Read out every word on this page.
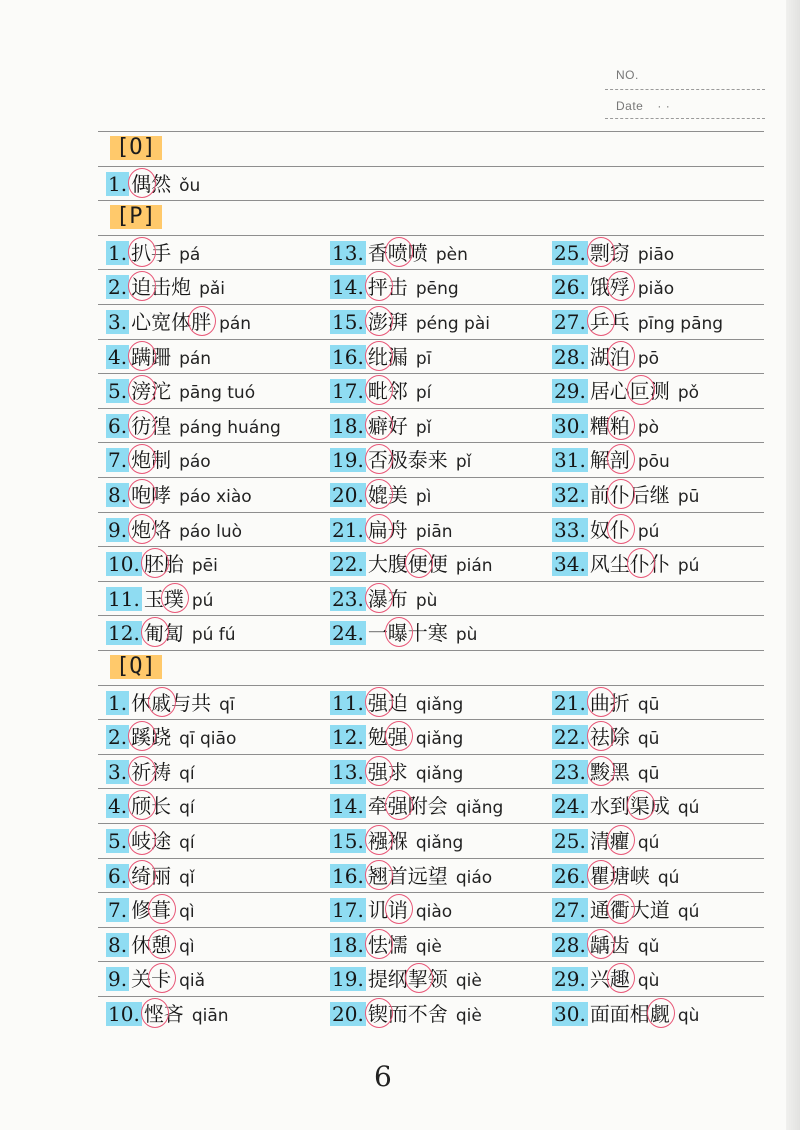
NO.
Date · ·
[O]
1. 偶然 ǒu
[P]
1. 扒手 pá
2. 迫击炮 pǎi
3. 心宽体胖 pán
4. 蹒跚 pán
5. 滂沱 pāng tuó
6. 彷徨 páng huáng
7. 炮制 páo
8. 咆哮 páo xiào
9. 炮烙 páo luò
10. 胚胎 pēi
11. 玉璞 pú
12. 匍匐 pú fú
13. 香喷喷 pèn
14. 抨击 pēng
15. 澎湃 péng pài
16. 纰漏 pī
17. 毗邻 pí
18. 癖好 pǐ
19. 否极泰来 pǐ
20. 媲美 pì
21. 扁舟 piān
22. 大腹便便 pián
23. 瀑布 pù
24. 一曝十寒 pù
25. 剽窃 piāo
26. 饿殍 piǎo
27. 乒乓 pīng pāng
28. 湖泊 pō
29. 居心叵测 pǒ
30. 糟粕 pò
31. 解剖 pōu
32. 前仆后继 pū
33. 奴仆 pú
34. 风尘仆仆 pú
[Q]
1. 休戚与共 qī
2. 蹊跷 qī qiāo
3. 祈祷 qí
4. 颀长 qí
5. 岐途 qí
6. 绮丽 qǐ
7. 修葺 qì
8. 休憩 qì
9. 关卡 qiǎ
10. 悭吝 qiān
11. 强迫 qiǎng
12. 勉强 qiǎng
13. 强求 qiǎng
14. 牵强附会 qiǎng
15. 襁褓 qiǎng
16. 翘首远望 qiáo
17. 讥诮 qiào
18. 怯懦 qiè
19. 提纲挈领 qiè
20. 锲而不舍 qiè
21. 曲折 qū
22. 祛除 qū
23. 黢黑 qū
24. 水到渠成 qú
25. 清癯 qú
26. 瞿塘峡 qú
27. 通衢大道 qú
28. 龋齿 qǔ
29. 兴趣 qù
30. 面面相觑 qù
6
